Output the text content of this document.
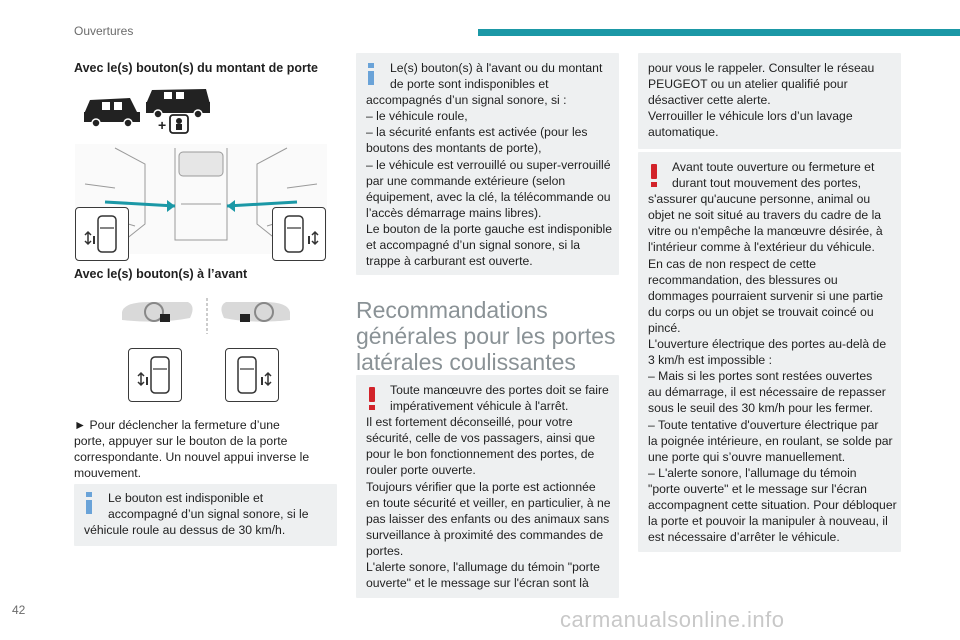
Ouvertures
Avec le(s) bouton(s) du montant de porte
+
Avec le(s) bouton(s) à l’avant
► Pour déclencher la fermeture d’une
porte, appuyer sur le bouton de la porte
correspondante. Un nouvel appui inverse le
mouvement.
Le bouton est indisponible et
accompagné d’un signal sonore, si le
véhicule roule au dessus de 30 km/h.
Le(s) bouton(s) à l'avant ou du montant
de porte sont indisponibles et
accompagnés d’un signal sonore, si :
– le véhicule roule,
– la sécurité enfants est activée (pour les
boutons des montants de porte),
– le véhicule est verrouillé ou super-verrouillé
par une commande extérieure (selon
équipement, avec la clé, la télécommande ou
l’accès démarrage mains libres).
Le bouton de la porte gauche est indisponible
et accompagné d’un signal sonore, si la
trappe à carburant est ouverte.
Recommandations
générales pour les portes
latérales coulissantes
Toute manœuvre des portes doit se faire
impérativement véhicule à l'arrêt.
Il est fortement déconseillé, pour votre
sécurité, celle de vos passagers, ainsi que
pour le bon fonctionnement des portes, de
rouler porte ouverte.
Toujours vérifier que la porte est actionnée
en toute sécurité et veiller, en particulier, à ne
pas laisser des enfants ou des animaux sans
surveillance à proximité des commandes de
portes.
L'alerte sonore, l'allumage du témoin "porte
ouverte" et le message sur l'écran sont là
pour vous le rappeler. Consulter le réseau
PEUGEOT ou un atelier qualifié pour
désactiver cette alerte.
Verrouiller le véhicule lors d’un lavage
automatique.
Avant toute ouverture ou fermeture et
durant tout mouvement des portes,
s'assurer qu'aucune personne, animal ou
objet ne soit situé au travers du cadre de la
vitre ou n'empêche la manœuvre désirée, à
l'intérieur comme à l'extérieur du véhicule.
En cas de non respect de cette
recommandation, des blessures ou
dommages pourraient survenir si une partie
du corps ou un objet se trouvait coincé ou
pincé.
L'ouverture électrique des portes au-delà de
3 km/h est impossible :
– Mais si les portes sont restées ouvertes
au démarrage, il est nécessaire de repasser
sous le seuil des 30 km/h pour les fermer.
– Toute tentative d'ouverture électrique par
la poignée intérieure, en roulant, se solde par
une porte qui s’ouvre manuellement.
– L'alerte sonore, l'allumage du témoin
"porte ouverte" et le message sur l'écran
accompagnent cette situation. Pour débloquer
la porte et pouvoir la manipuler à nouveau, il
est nécessaire d’arrêter le véhicule.
42	carmanualsonline.info
